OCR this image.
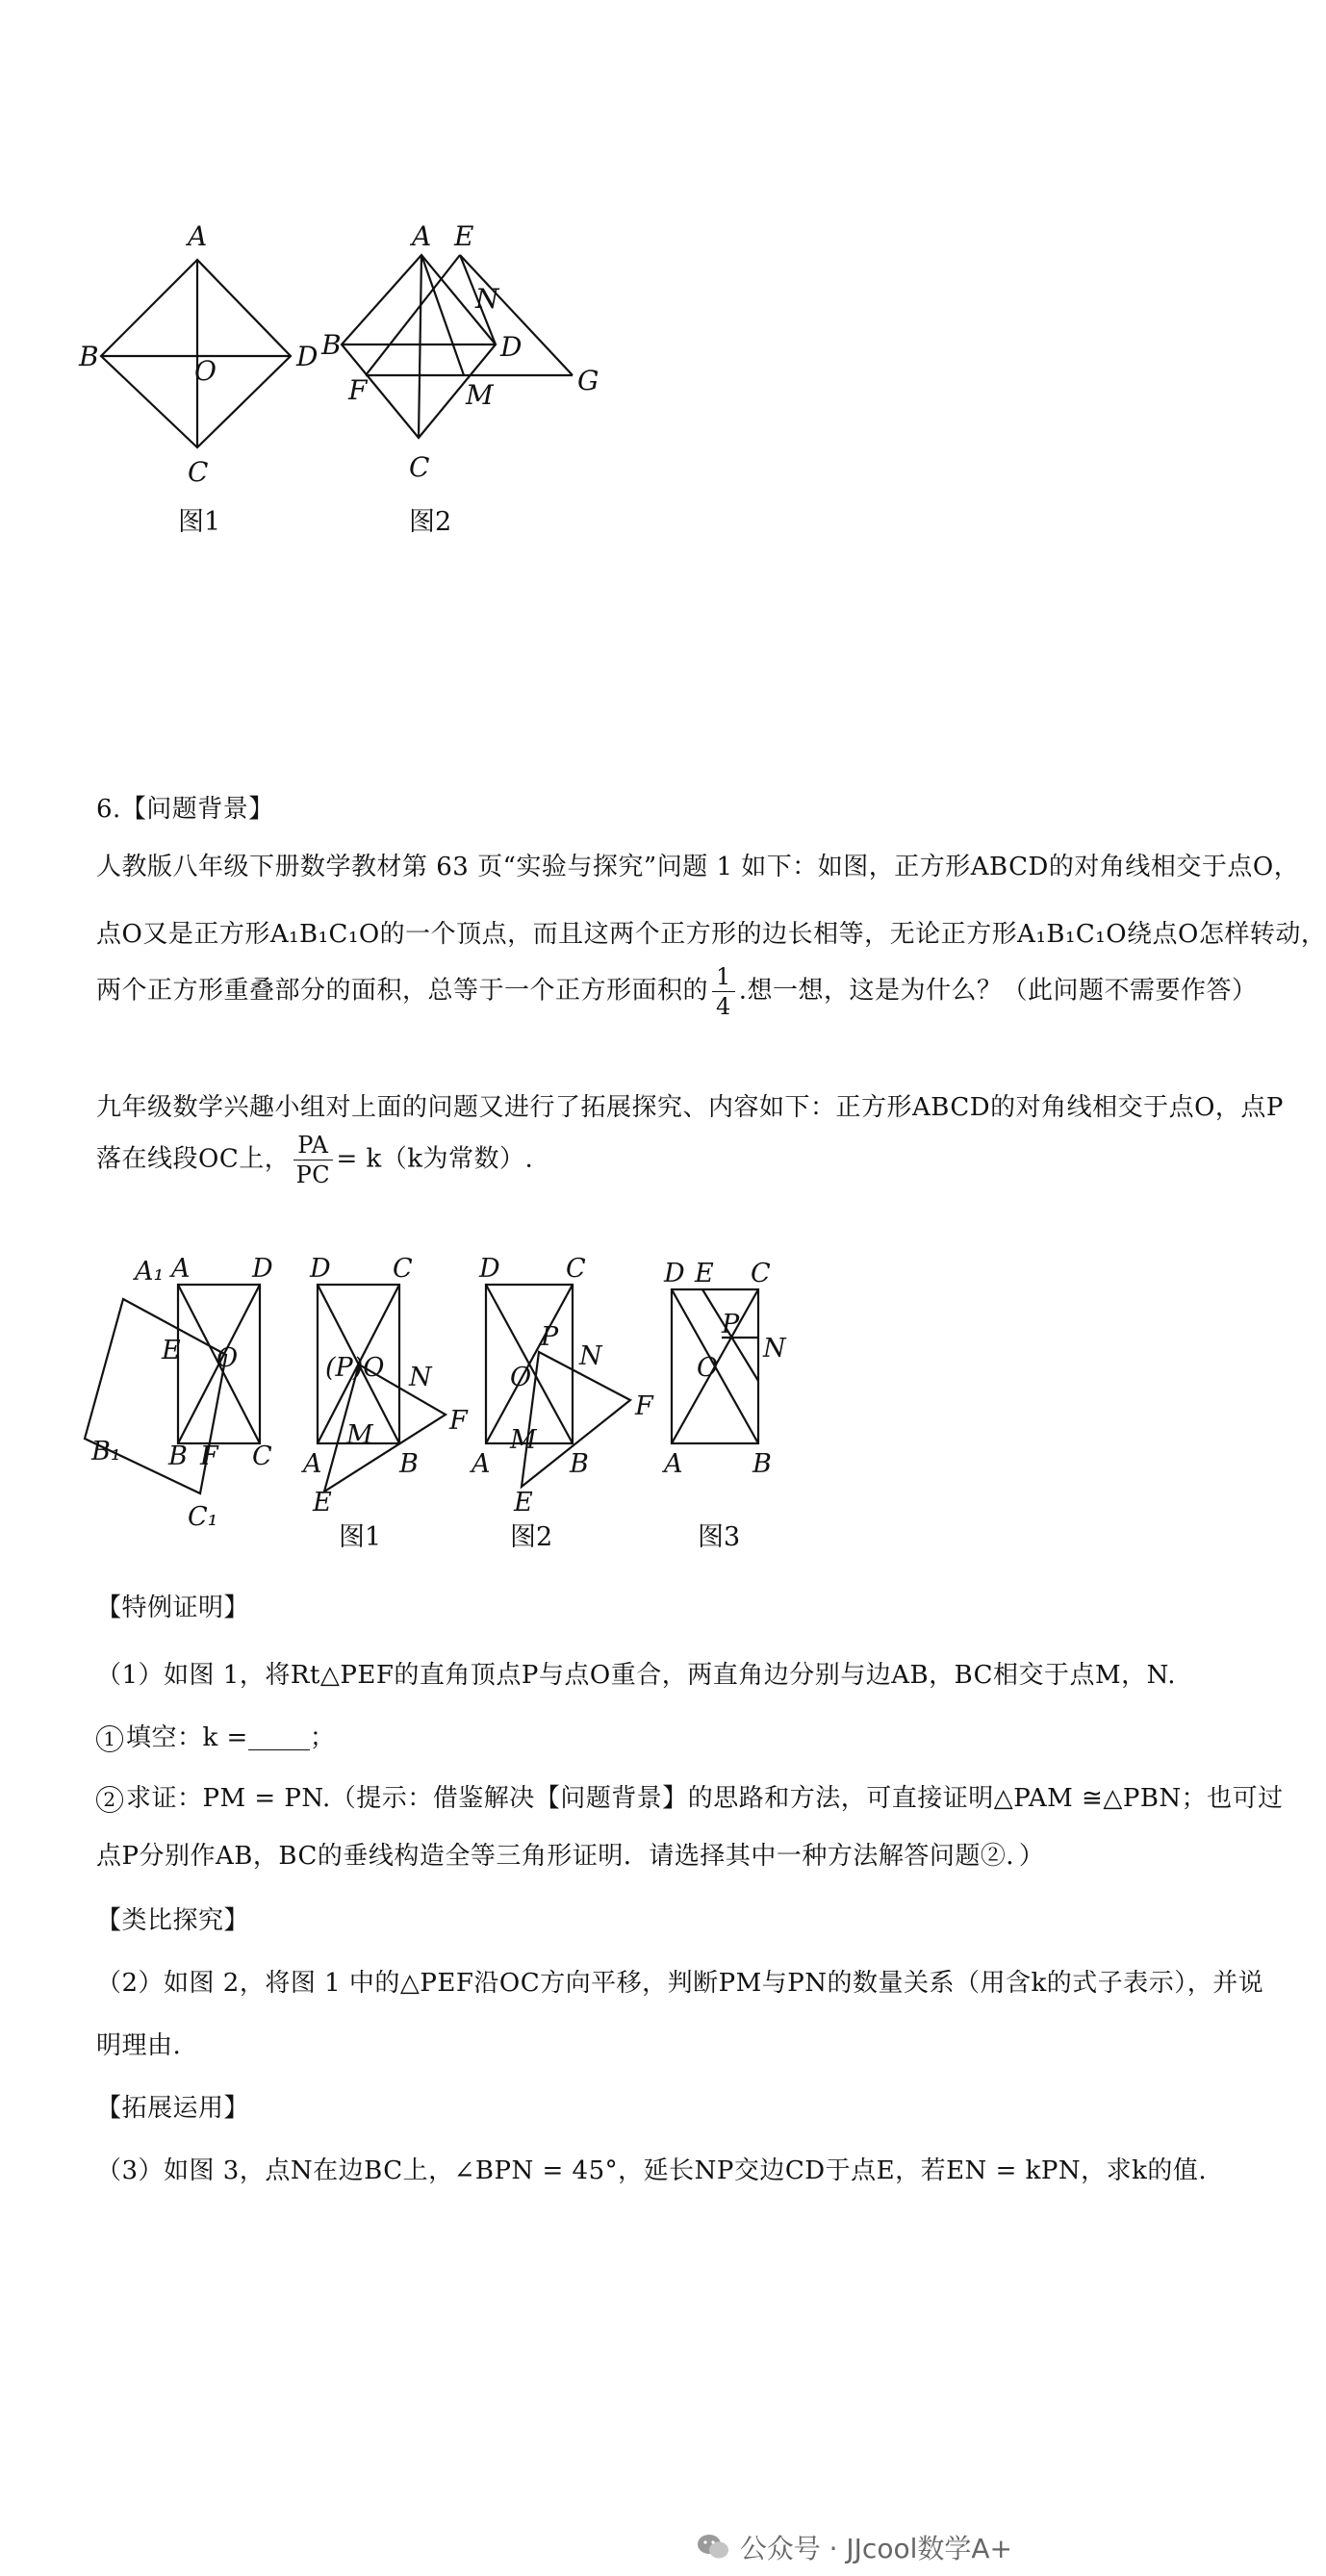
A
B	O	D
C
A E
N
B	D
G
F	M
C
图1	图2
6.【问题背景】
人教版八年级下册数学教材第 63 页“实验与探究”问题 1 如下：如图，正方形ABCD的对角线相交于点O，
点O又是正方形A₁B₁C₁O的一个顶点，而且这两个正方形的边长相等，无论正方形A₁B₁C₁O绕点O怎样转动，
两个正方形重叠部分的面积，总等于一个正方形面积的 $\frac{1}{4}$ .想一想，这是为什么？（此问题不需要作答）
九年级数学兴趣小组对上面的问题又进行了拓展探究、内容如下：正方形ABCD的对角线相交于点O，点P
落在线段OC上， $\frac{PA}{PC} = k(k$为常数）.
A₁ A D
E O
B₁ B F C
C₁
D C
(P)O N
F
M
A	B
E
D	C
P
N
O
F
M
A	B
E
D E C
P
N
O
A	B
图1	图2	图3
【特例证明】
（1）如图 1，将Rt△PEF的直角顶点P与点O重合，两直角边分别与边AB，BC相交于点M，N.
1 填空：k = ；
2 求证：PM = PN.（提示：借鉴解决【问题背景】的思路和方法，可直接证明△PAM ≅△PBN；也可过
点P分别作AB，BC的垂线构造全等三角形证明．请选择其中一种方法解答问题②．）
【类比探究】
（2）如图 2，将图 1 中的△PEF沿OC方向平移，判断PM与PN的数量关系（用含k的式子表示），并说
明理由.
【拓展运用】
（3）如图 3，点N在边BC上，∠BPN = 45°，延长NP交边CD于点E，若EN = kPN，求k的值.
公众号 · JJcool数学A+
